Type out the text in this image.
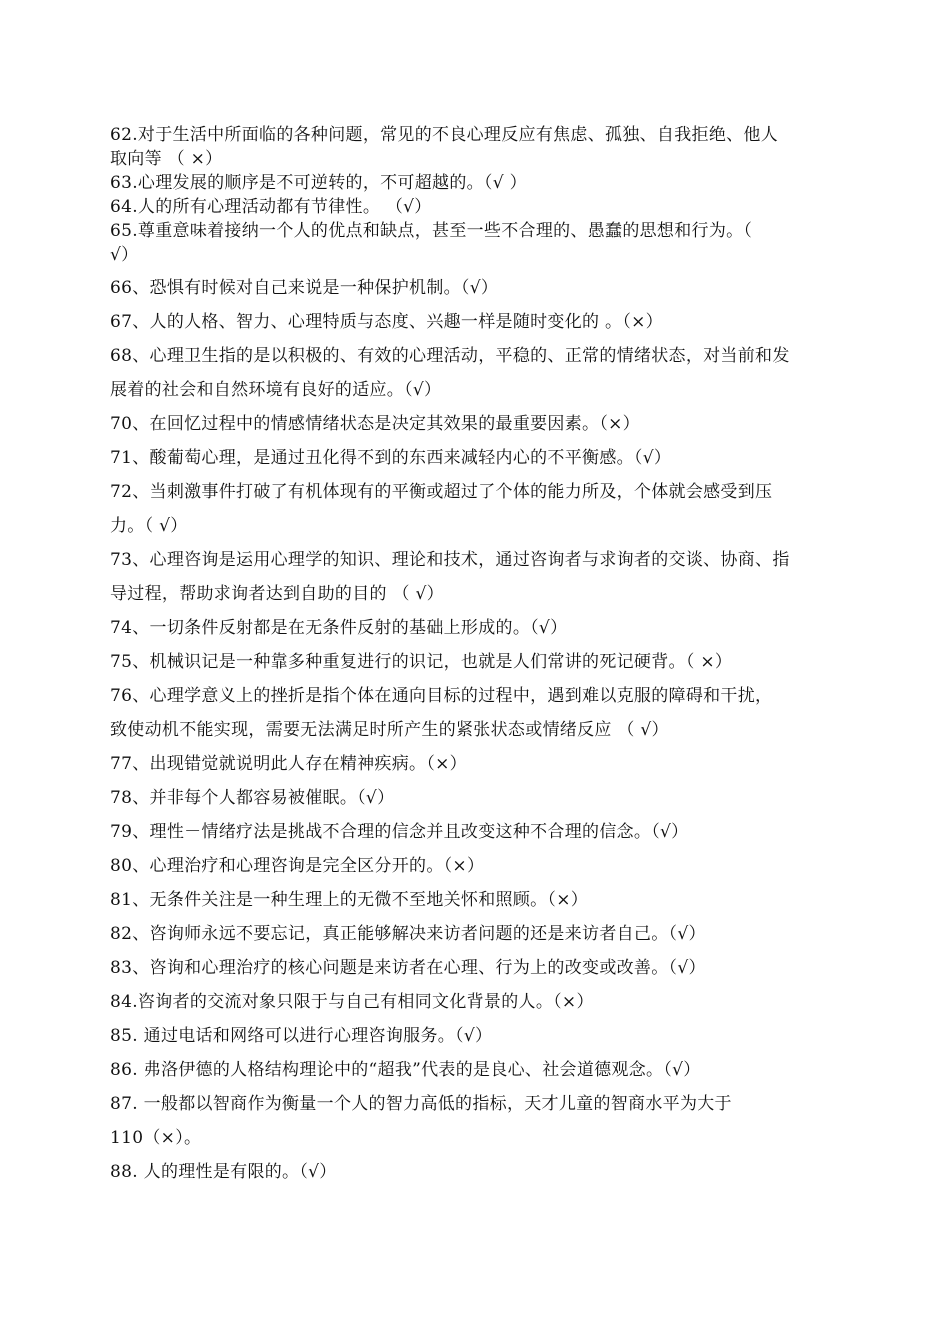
62.对于生活中所面临的各种问题，常见的不良心理反应有焦虑、孤独、自我拒绝、他人
取向等 （ ×）
63.心理发展的顺序是不可逆转的，不可超越的。（√ ）
64.人的所有心理活动都有节律性。 （√）
65.尊重意味着接纳一个人的优点和缺点，甚至一些不合理的、愚蠢的思想和行为。（
√）
66、恐惧有时候对自己来说是一种保护机制。（√）
67、人的人格、智力、心理特质与态度、兴趣一样是随时变化的 。（×）
68、心理卫生指的是以积极的、有效的心理活动，平稳的、正常的情绪状态，对当前和发
展着的社会和自然环境有良好的适应。（√）
70、在回忆过程中的情感情绪状态是决定其效果的最重要因素。（×）
71、酸葡萄心理，是通过丑化得不到的东西来减轻内心的不平衡感。（√）
72、当刺激事件打破了有机体现有的平衡或超过了个体的能力所及，个体就会感受到压
力。（ √）
73、心理咨询是运用心理学的知识、理论和技术，通过咨询者与求询者的交谈、协商、指
导过程，帮助求询者达到自助的目的 （ √）
74、一切条件反射都是在无条件反射的基础上形成的。（√）
75、机械识记是一种靠多种重复进行的识记，也就是人们常讲的死记硬背。（ ×）
76、心理学意义上的挫折是指个体在通向目标的过程中，遇到难以克服的障碍和干扰，
致使动机不能实现，需要无法满足时所产生的紧张状态或情绪反应 （ √）
77、出现错觉就说明此人存在精神疾病。（×）
78、并非每个人都容易被催眠。（√）
79、理性－情绪疗法是挑战不合理的信念并且改变这种不合理的信念。（√）
80、心理治疗和心理咨询是完全区分开的。（×）
81、无条件关注是一种生理上的无微不至地关怀和照顾。（×）
82、咨询师永远不要忘记，真正能够解决来访者问题的还是来访者自己。（√）
83、咨询和心理治疗的核心问题是来访者在心理、行为上的改变或改善。（√）
84.咨询者的交流对象只限于与自己有相同文化背景的人。（×）
85. 通过电话和网络可以进行心理咨询服务。（√）
86. 弗洛伊德的人格结构理论中的“超我”代表的是良心、社会道德观念。（√）
87. 一般都以智商作为衡量一个人的智力高低的指标，天才儿童的智商水平为大于
110（×）。
88. 人的理性是有限的。（√）
